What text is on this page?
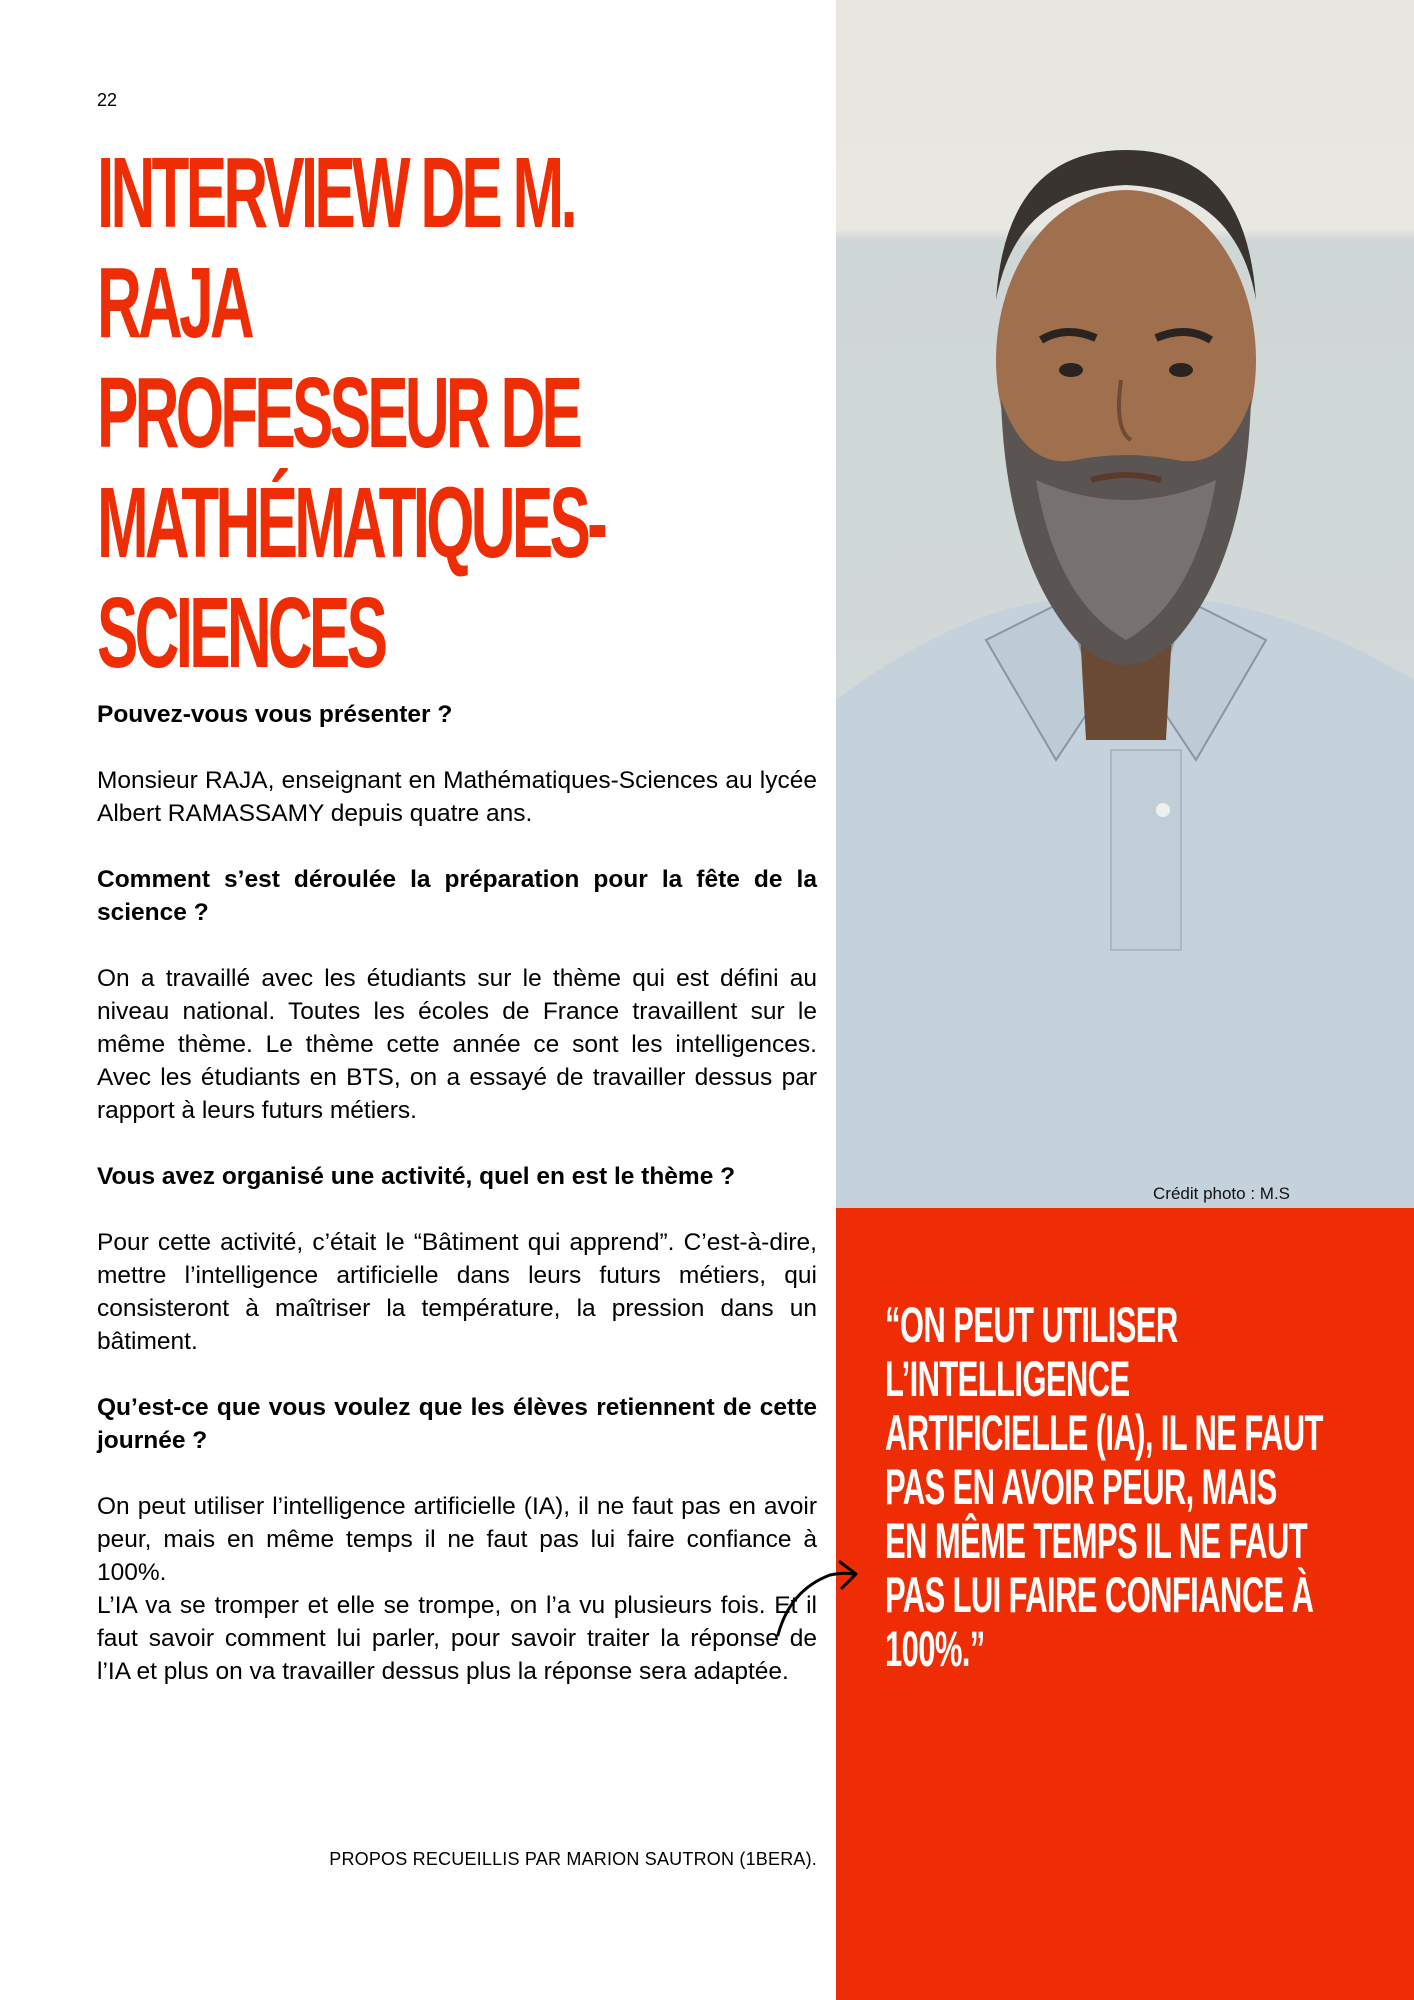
22
INTERVIEW DE M.
RAJA
PROFESSEUR DE
MATHÉMATIQUES-
SCIENCES

Pouvez-vous vous présenter ?

Monsieur RAJA, enseignant en Mathématiques-Sciences au lycée Albert RAMASSAMY depuis quatre ans.

Comment s’est déroulée la préparation pour la fête de la science ?

On a travaillé avec les étudiants sur le thème qui est défini au niveau national. Toutes les écoles de France travaillent sur le même thème. Le thème cette année ce sont les intelligences. Avec les étudiants en BTS, on a essayé de travailler dessus par rapport à leurs futurs métiers.

Vous avez organisé une activité, quel en est le thème ?

Pour cette activité, c’était le “Bâtiment qui apprend”. C’est-à-dire, mettre l’intelligence artificielle dans leurs futurs métiers, qui consisteront à maîtriser la température, la pression dans un bâtiment.

Qu’est-ce que vous voulez que les élèves retiennent de cette journée ?

On peut utiliser l’intelligence artificielle (IA), il ne faut pas en avoir peur, mais en même temps il ne faut pas lui faire confiance à 100%.

L’IA va se tromper et elle se trompe, on l’a vu plusieurs fois. Et il faut savoir comment lui parler, pour savoir traiter la réponse de l’IA et plus on va travailler dessus plus la réponse sera adaptée.

PROPOS RECUEILLIS PAR MARION SAUTRON (1BERA).
Crédit photo : M.S
“ON PEUT UTILISER
L’INTELLIGENCE
ARTIFICIELLE (IA), IL NE FAUT
PAS EN AVOIR PEUR, MAIS
EN MÊME TEMPS IL NE FAUT
PAS LUI FAIRE CONFIANCE À
100%.”
